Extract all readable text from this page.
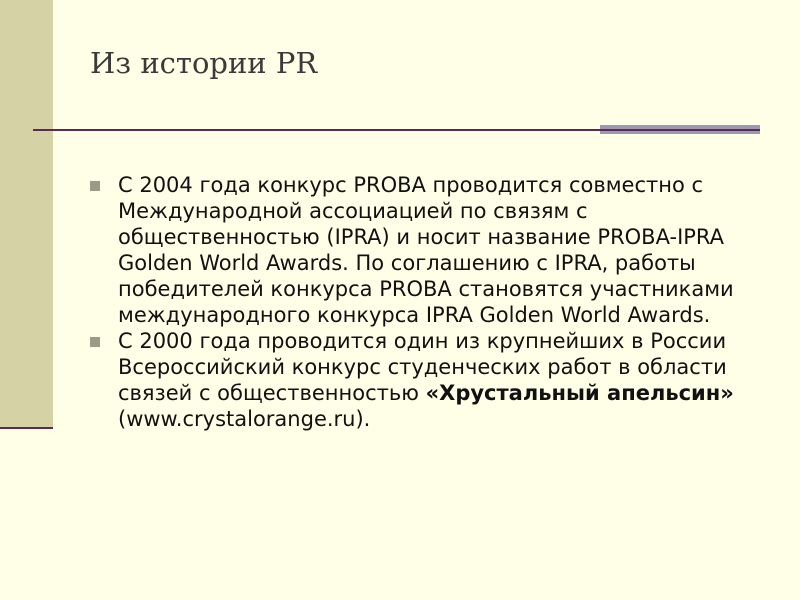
Из истории PR
С 2004 года конкурс PROBA проводится совместно с Международной ассоциацией по связям с общественностью (IPRA) и носит название PROBA-IPRA Golden World Awards. По соглашению с IPRA, работы победителей конкурса PROBA становятся участниками международного конкурса IPRA Golden World Awards.
С 2000 года проводится один из крупнейших в России Всероссийский конкурс студенческих работ в области связей с общественностью «Хрустальный апельсин» (www.crystalorange.ru).
